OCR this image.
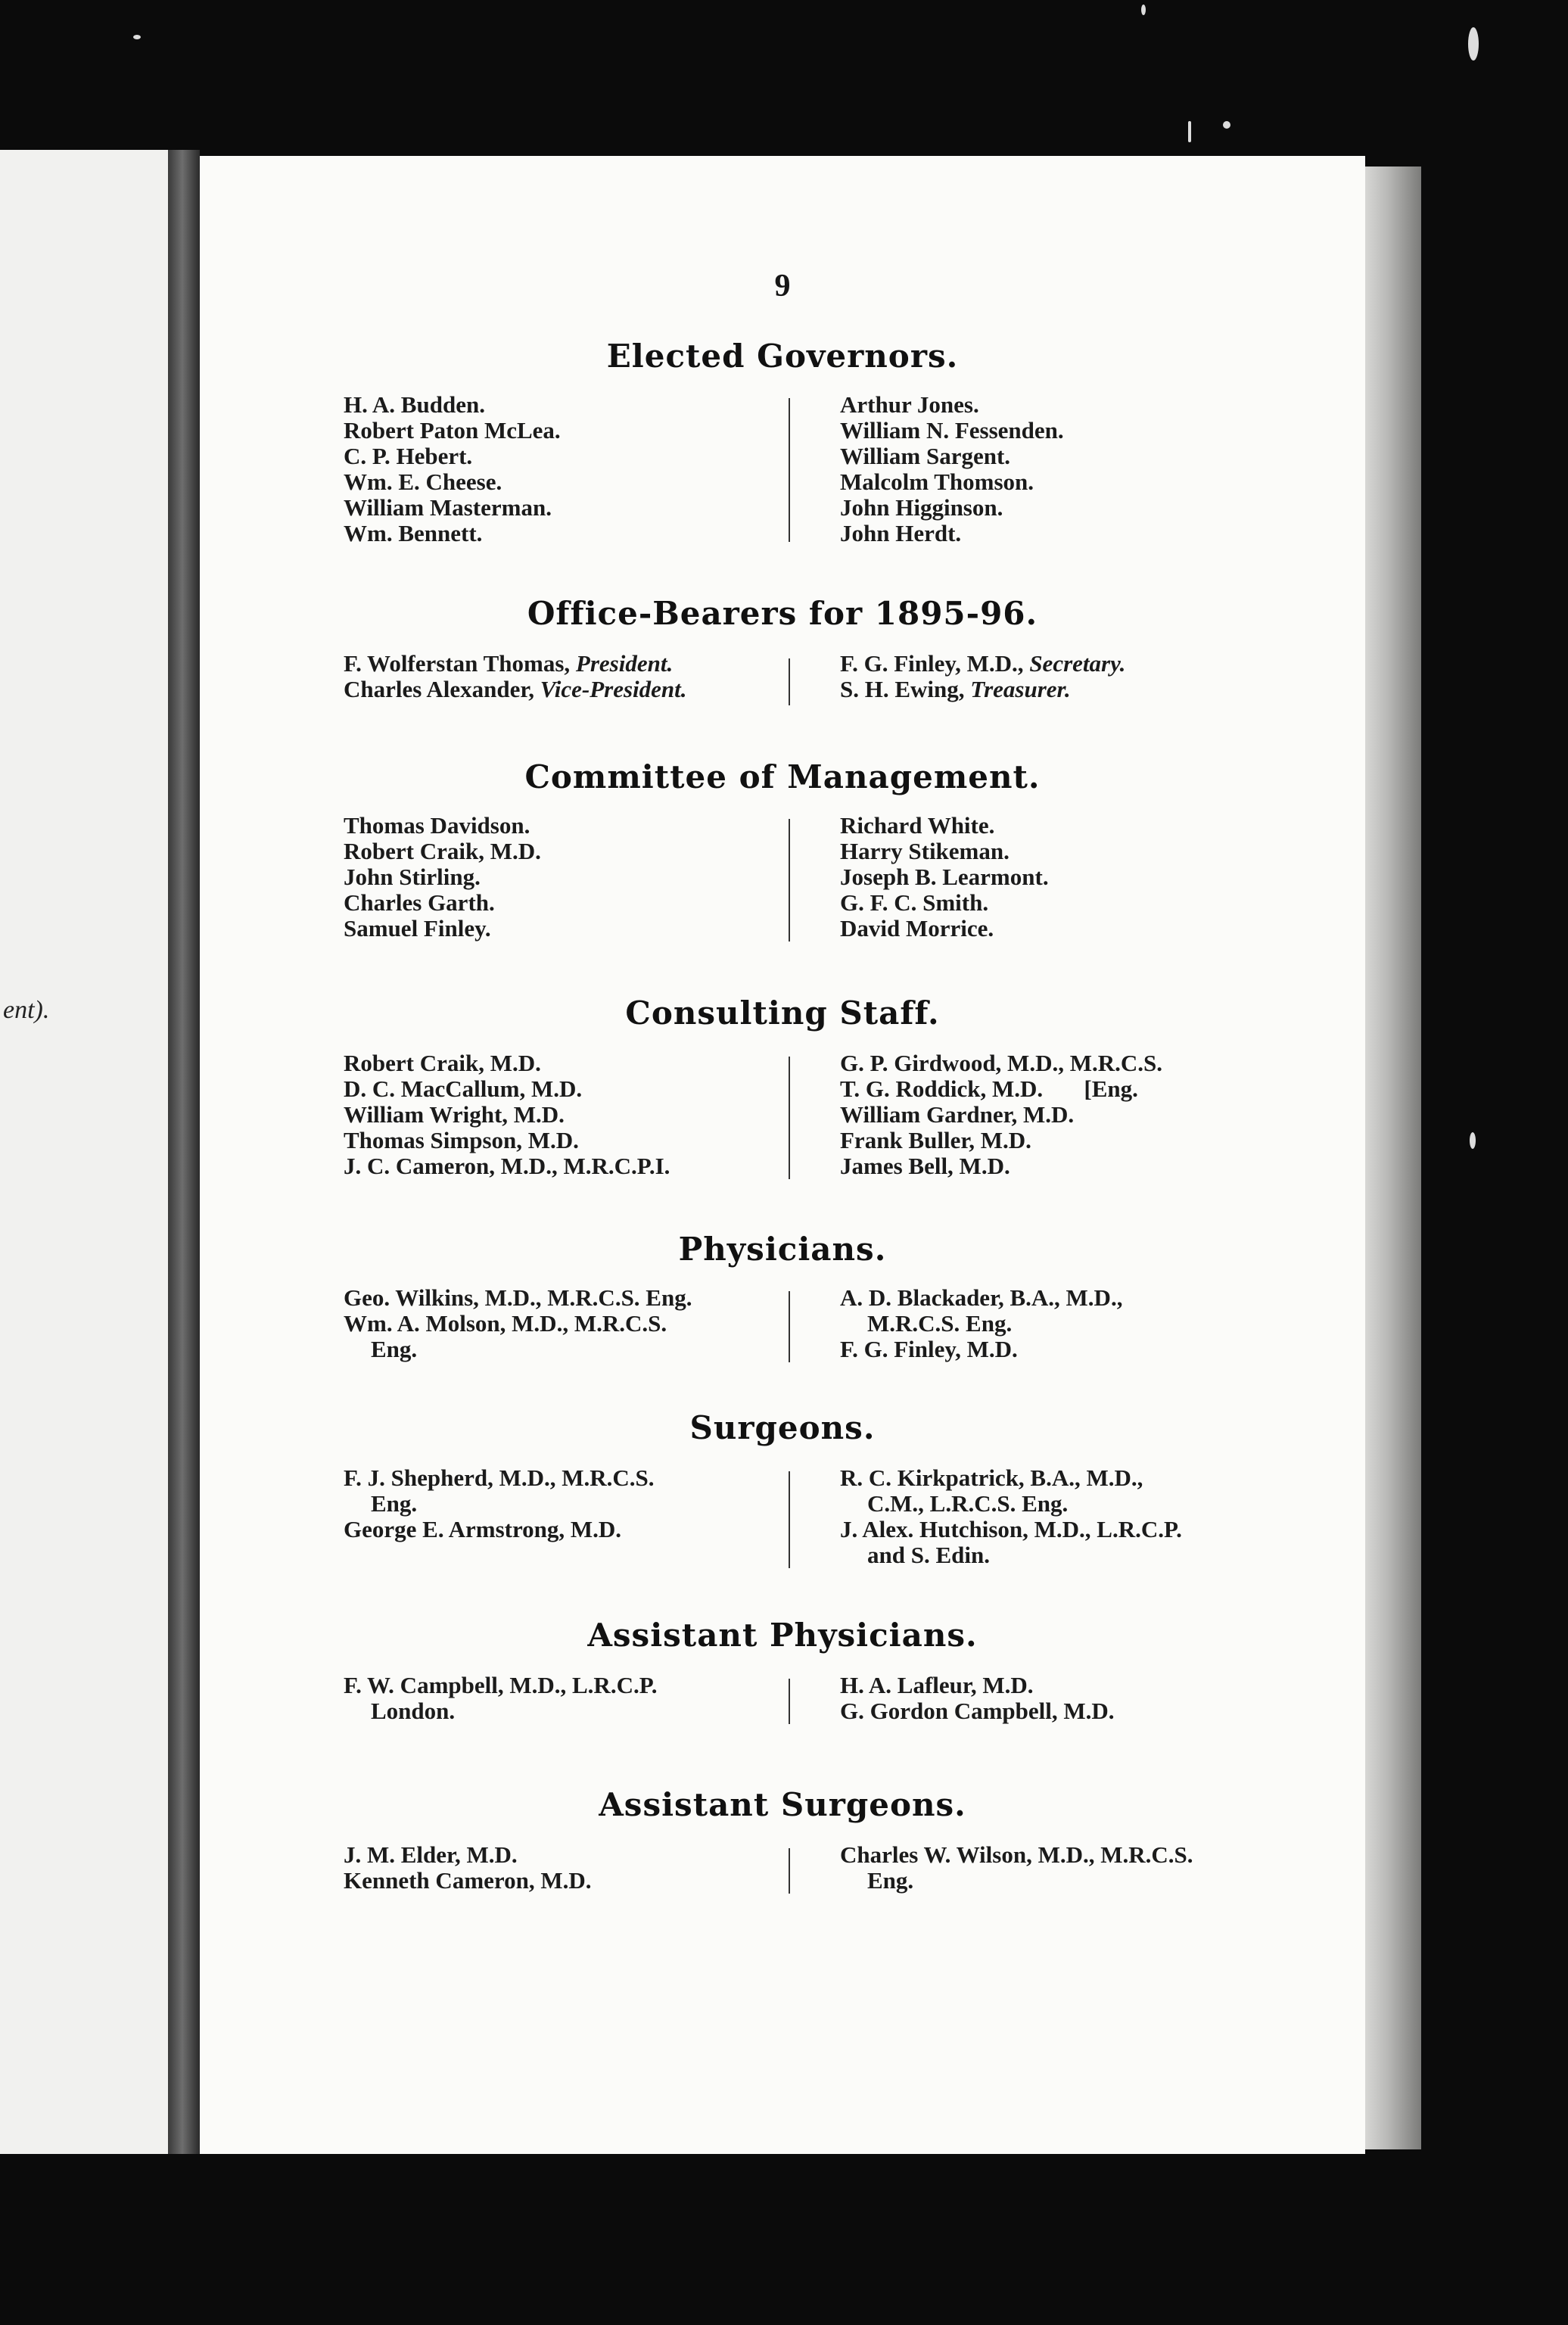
ent).
9
Elected Governors.
H. A. Budden.
Robert Paton McLea.
C. P. Hebert.
Wm. E. Cheese.
William Masterman.
Wm. Bennett.
Arthur Jones.
William N. Fessenden.
William Sargent.
Malcolm Thomson.
John Higginson.
John Herdt.
Office-Bearers for 1895-96.
F. Wolferstan Thomas, President.
Charles Alexander, Vice-President.
F. G. Finley, M.D., Secretary.
S. H. Ewing, Treasurer.
Committee of Management.
Thomas Davidson.
Robert Craik, M.D.
John Stirling.
Charles Garth.
Samuel Finley.
Richard White.
Harry Stikeman.
Joseph B. Learmont.
G. F. C. Smith.
David Morrice.
Consulting Staff.
Robert Craik, M.D.
D. C. MacCallum, M.D.
William Wright, M.D.
Thomas Simpson, M.D.
J. C. Cameron, M.D., M.R.C.P.I.
G. P. Girdwood, M.D., M.R.C.S.
T. G. Roddick, M.D.       [Eng.
William Gardner, M.D.
Frank Buller, M.D.
James Bell, M.D.
Physicians.
Geo. Wilkins, M.D., M.R.C.S. Eng.
Wm. A. Molson, M.D., M.R.C.S.
Eng.
A. D. Blackader, B.A., M.D.,
M.R.C.S. Eng.
F. G. Finley, M.D.
Surgeons.
F. J. Shepherd, M.D., M.R.C.S.
Eng.
George E. Armstrong, M.D.
R. C. Kirkpatrick, B.A., M.D.,
C.M., L.R.C.S. Eng.
J. Alex. Hutchison, M.D., L.R.C.P.
and S. Edin.
Assistant Physicians.
F. W. Campbell, M.D., L.R.C.P.
London.
H. A. Lafleur, M.D.
G. Gordon Campbell, M.D.
Assistant Surgeons.
J. M. Elder, M.D.
Kenneth Cameron, M.D.
Charles W. Wilson, M.D., M.R.C.S.
Eng.
